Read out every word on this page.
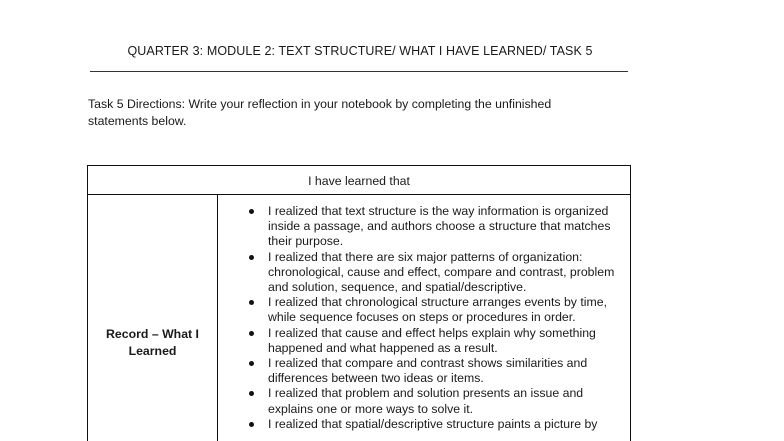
QUARTER 3: MODULE 2: TEXT STRUCTURE/ WHAT I HAVE LEARNED/ TASK 5
Task 5 Directions: Write your reflection in your notebook by completing the unfinished
statements below.
I have learned that
Record – What I
Learned
I realized that text structure is the way information is organized inside a passage, and authors choose a structure that matches their purpose.
I realized that there are six major patterns of organization: chronological, cause and effect, compare and contrast, problem and solution, sequence, and spatial/descriptive.
I realized that chronological structure arranges events by time, while sequence focuses on steps or procedures in order.
I realized that cause and effect helps explain why something happened and what happened as a result.
I realized that compare and contrast shows similarities and differences between two ideas or items.
I realized that problem and solution presents an issue and explains one or more ways to solve it.
I realized that spatial/descriptive structure paints a picture by
